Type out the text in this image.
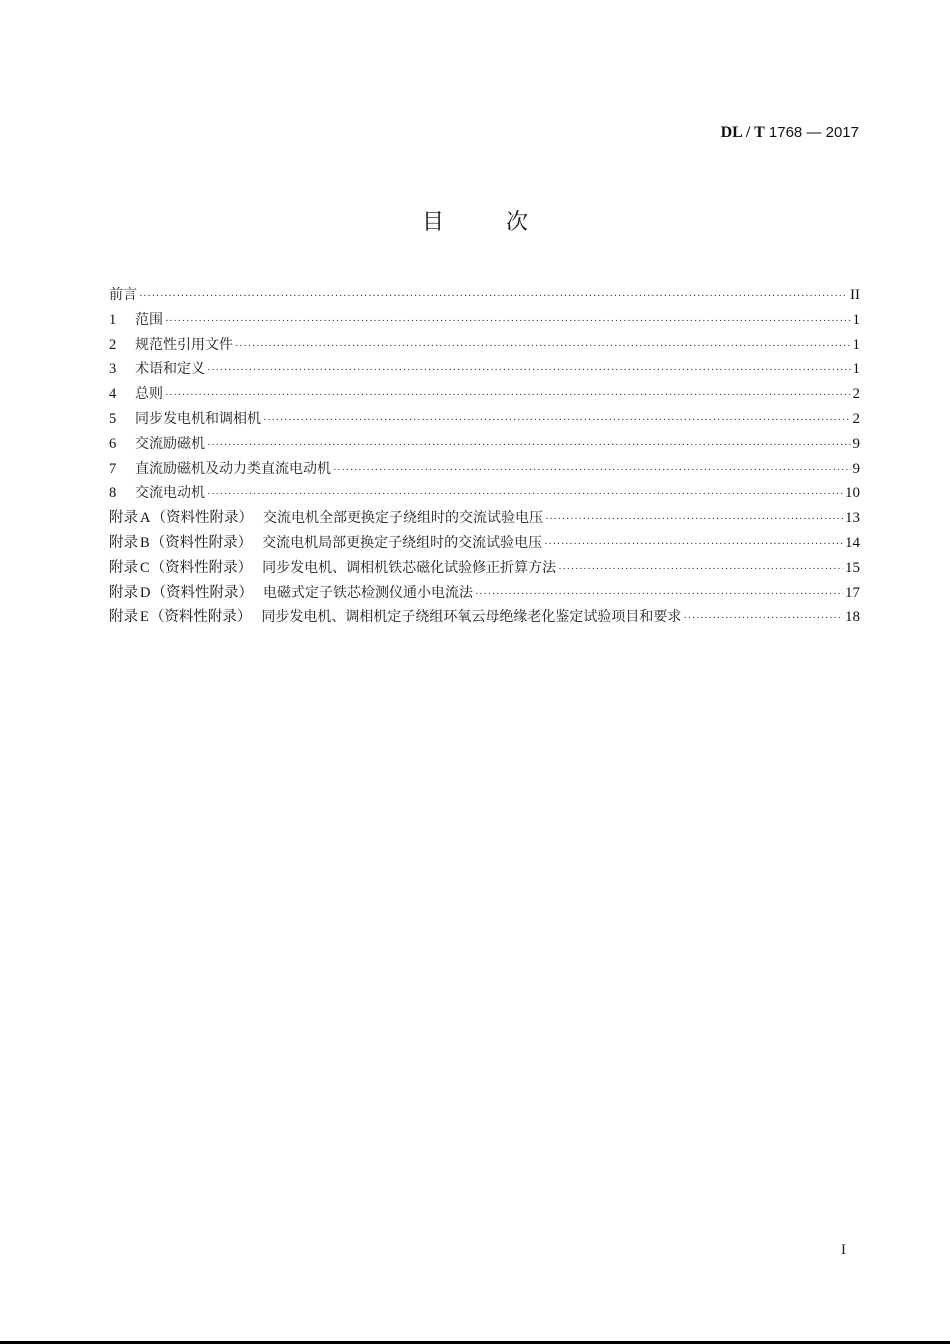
DL / T 1768 — 2017
目	次
前言 ·····	II
1	范围 ·····	1
2	规范性引用文件 ·····	1
3	术语和定义 ·····	1
4	总则 ·····	2
5	同步发电机和调相机 ·····	2
6	交流励磁机 ·····	9
7	直流励磁机及动力类直流电动机 ·····	9
8	交流电动机 ·····	10
附录 A（资料性附录） 交流电机全部更换定子绕组时的交流试验电压 ·····	13
附录 B（资料性附录） 交流电机局部更换定子绕组时的交流试验电压 ·····	14
附录 C（资料性附录） 同步发电机、调相机铁芯磁化试验修正折算方法 ·····	15
附录 D（资料性附录） 电磁式定子铁芯检测仪通小电流法 ·····	17
附录 E（资料性附录） 同步发电机、调相机定子绕组环氧云母绝缘老化鉴定试验项目和要求 ·····	18
I
